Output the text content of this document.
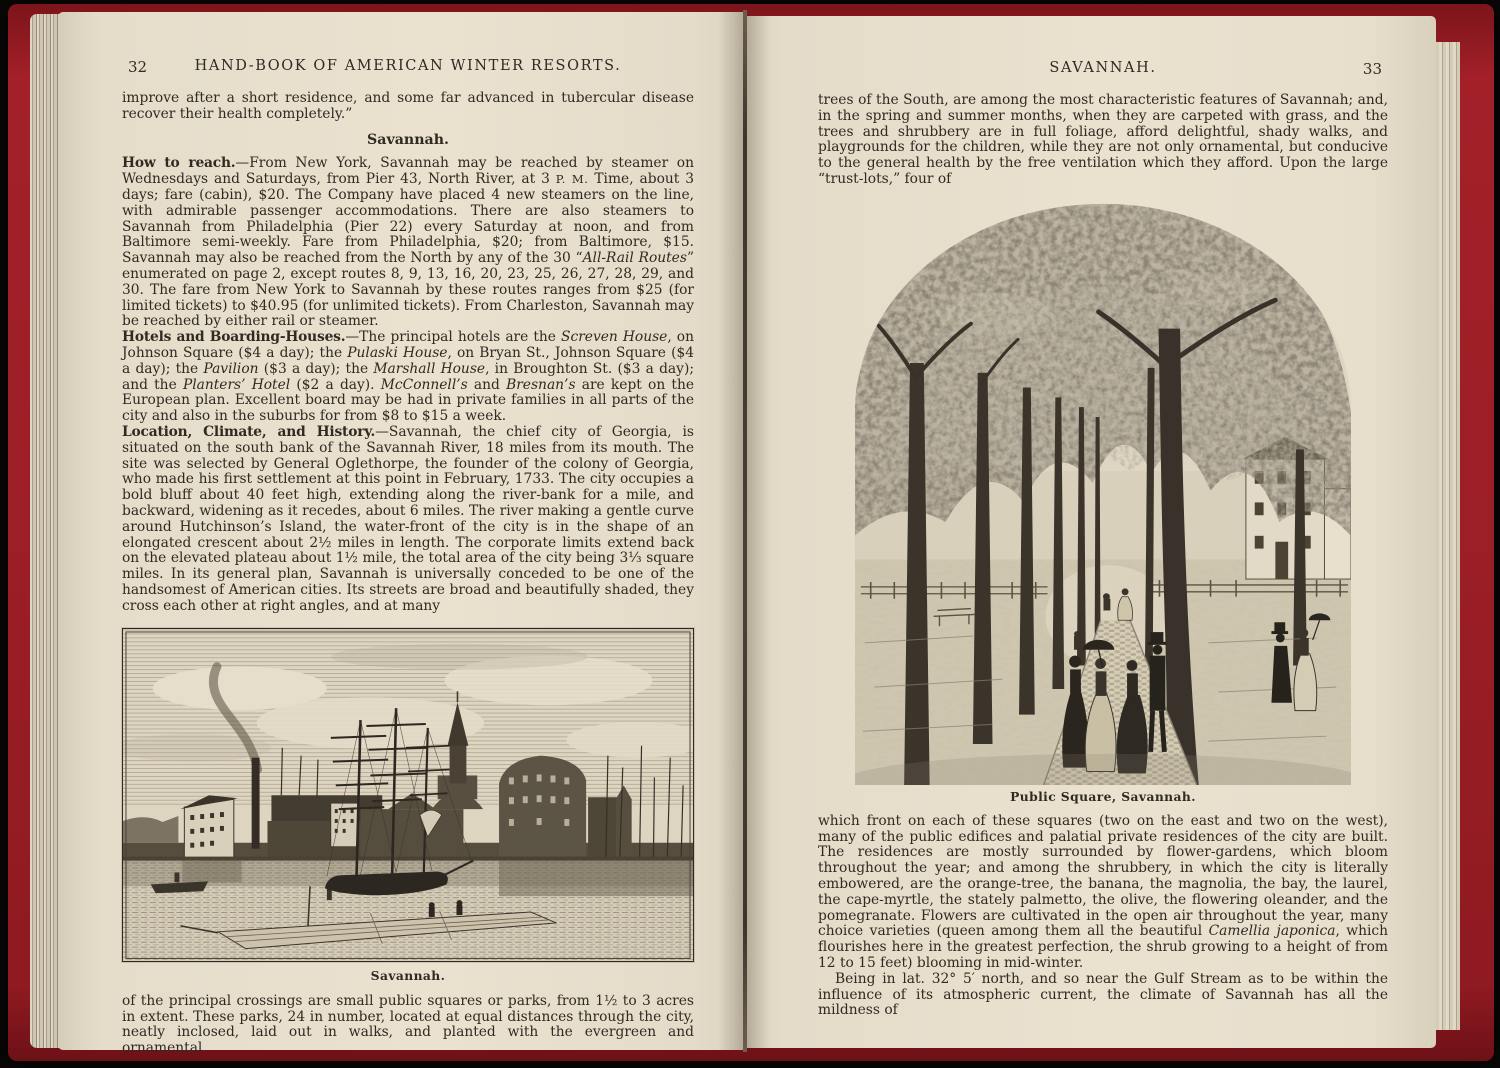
32	HAND-BOOK OF AMERICAN WINTER RESORTS.

improve after a short residence, and some far advanced in tubercular disease recover their health completely.”

Savannah.

How to reach.—From New York, Savannah may be reached by steamer on Wednesdays and Saturdays, from Pier 43, North River, at 3 P. M. Time, about 3 days; fare (cabin), $20. The Company have placed 4 new steamers on the line, with admirable passenger accommodations. There are also steamers to Savannah from Philadelphia (Pier 22) every Saturday at noon, and from Baltimore semi-weekly. Fare from Philadelphia, $20; from Baltimore, $15. Savannah may also be reached from the North by any of the 30 “All-Rail Routes” enumerated on page 2, except routes 8, 9, 13, 16, 20, 23, 25, 26, 27, 28, 29, and 30. The fare from New York to Savannah by these routes ranges from $25 (for limited tickets) to $40.95 (for unlimited tickets). From Charleston, Savannah may be reached by either rail or steamer.

Hotels and Boarding-Houses.—The principal hotels are the Screven House, on Johnson Square ($4 a day); the Pulaski House, on Bryan St., Johnson Square ($4 a day); the Pavilion ($3 a day); the Marshall House, in Broughton St. ($3 a day); and the Planters’ Hotel ($2 a day). McConnell’s and Bresnan’s are kept on the European plan. Excellent board may be had in private families in all parts of the city and also in the suburbs for from $8 to $15 a week.

Location, Climate, and History.—Savannah, the chief city of Georgia, is situated on the south bank of the Savannah River, 18 miles from its mouth. The site was selected by General Oglethorpe, the founder of the colony of Georgia, who made his first settlement at this point in February, 1733. The city occupies a bold bluff about 40 feet high, extending along the river-bank for a mile, and backward, widening as it recedes, about 6 miles. The river making a gentle curve around Hutchinson’s Island, the water-front of the city is in the shape of an elongated crescent about 2½ miles in length. The corporate limits extend back on the elevated plateau about 1½ mile, the total area of the city being 3⅓ square miles. In its general plan, Savannah is universally conceded to be one of the handsomest of American cities. Its streets are broad and beautifully shaded, they cross each other at right angles, and at many

Savannah.

of the principal crossings are small public squares or parks, from 1½ to 3 acres in extent. These parks, 24 in number, located at equal distances through the city, neatly inclosed, laid out in walks, and planted with the evergreen and ornamental

SAVANNAH.	33

trees of the South, are among the most characteristic features of Savannah; and, in the spring and summer months, when they are carpeted with grass, and the trees and shrubbery are in full foliage, afford delightful, shady walks, and playgrounds for the children, while they are not only ornamental, but conducive to the general health by the free ventilation which they afford. Upon the large “trust-lots,” four of

Public Square, Savannah.

which front on each of these squares (two on the east and two on the west), many of the public edifices and palatial private residences of the city are built. The residences are mostly surrounded by flower-gardens, which bloom throughout the year; and among the shrubbery, in which the city is literally embowered, are the orange-tree, the banana, the magnolia, the bay, the laurel, the cape-myrtle, the stately palmetto, the olive, the flowering oleander, and the pomegranate. Flowers are cultivated in the open air throughout the year, many choice varieties (queen among them all the beautiful Camellia japonica, which flourishes here in the greatest perfection, the shrub growing to a height of from 12 to 15 feet) blooming in mid-winter.

Being in lat. 32° 5′ north, and so near the Gulf Stream as to be within the influence of its atmospheric current, the climate of Savannah has all the mildness of
